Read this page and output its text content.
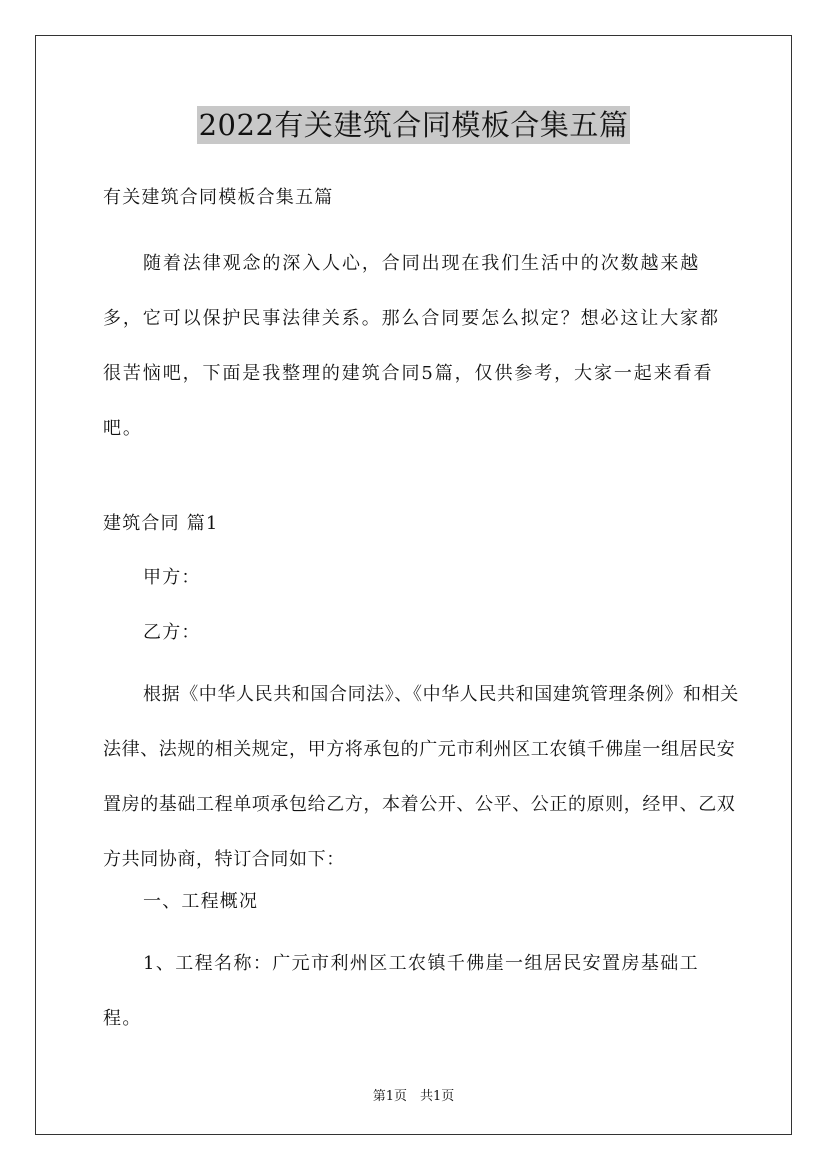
2022有关建筑合同模板合集五篇
有关建筑合同模板合集五篇
随着法律观念的深入人心，合同出现在我们生活中的次数越来越多，它可以保护民事法律关系。那么合同要怎么拟定？想必这让大家都很苦恼吧，下面是我整理的建筑合同5篇，仅供参考，大家一起来看看吧。
建筑合同 篇1
甲方：
乙方：
根据《中华人民共和国合同法》、《中华人民共和国建筑管理条例》和相关法律、法规的相关规定，甲方将承包的广元市利州区工农镇千佛崖一组居民安置房的基础工程单项承包给乙方，本着公开、公平、公正的原则，经甲、乙双方共同协商，特订合同如下：
一、工程概况
1、工程名称：广元市利州区工农镇千佛崖一组居民安置房基础工程。
第1页　共1页
